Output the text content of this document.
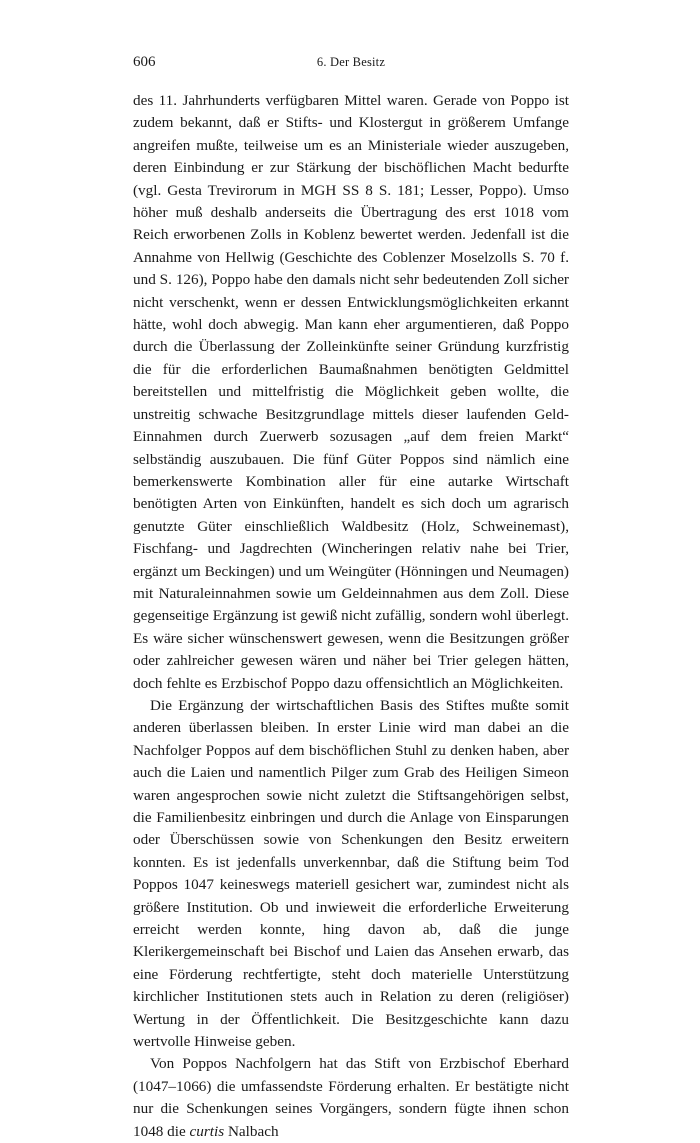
606	6. Der Besitz

des 11. Jahrhunderts verfügbaren Mittel waren. Gerade von Poppo ist zudem bekannt, daß er Stifts- und Klostergut in größerem Umfange angreifen mußte, teilweise um es an Ministeriale wieder auszugeben, deren Einbindung er zur Stärkung der bischöflichen Macht bedurfte (vgl. Gesta Trevirorum in MGH SS 8 S. 181; Lesser, Poppo). Umso höher muß deshalb anderseits die Übertragung des erst 1018 vom Reich erworbenen Zolls in Koblenz bewertet werden. Jedenfall ist die Annahme von Hellwig (Geschichte des Coblenzer Moselzolls S. 70 f. und S. 126), Poppo habe den damals nicht sehr bedeutenden Zoll sicher nicht verschenkt, wenn er dessen Entwicklungsmöglichkeiten erkannt hätte, wohl doch abwegig. Man kann eher argumentieren, daß Poppo durch die Überlassung der Zolleinkünfte seiner Gründung kurzfristig die für die erforderlichen Baumaßnahmen benötigten Geldmittel bereitstellen und mittelfristig die Möglichkeit geben wollte, die unstreitig schwache Besitzgrundlage mittels dieser laufenden Geld-Einnahmen durch Zuerwerb sozusagen „auf dem freien Markt“ selbständig auszubauen. Die fünf Güter Poppos sind nämlich eine bemerkenswerte Kombination aller für eine autarke Wirtschaft benötigten Arten von Einkünften, handelt es sich doch um agrarisch genutzte Güter einschließlich Waldbesitz (Holz, Schweinemast), Fischfang- und Jagdrechten (Wincheringen relativ nahe bei Trier, ergänzt um Beckingen) und um Weingüter (Hönningen und Neumagen) mit Naturaleinnahmen sowie um Geldeinnahmen aus dem Zoll. Diese gegenseitige Ergänzung ist gewiß nicht zufällig, sondern wohl überlegt. Es wäre sicher wünschenswert gewesen, wenn die Besitzungen größer oder zahlreicher gewesen wären und näher bei Trier gelegen hätten, doch fehlte es Erzbischof Poppo dazu offensichtlich an Möglichkeiten.

Die Ergänzung der wirtschaftlichen Basis des Stiftes mußte somit anderen überlassen bleiben. In erster Linie wird man dabei an die Nachfolger Poppos auf dem bischöflichen Stuhl zu denken haben, aber auch die Laien und namentlich Pilger zum Grab des Heiligen Simeon waren angesprochen sowie nicht zuletzt die Stiftsangehörigen selbst, die Familienbesitz einbringen und durch die Anlage von Einsparungen oder Überschüssen sowie von Schenkungen den Besitz erweitern konnten. Es ist jedenfalls unverkennbar, daß die Stiftung beim Tod Poppos 1047 keineswegs materiell gesichert war, zumindest nicht als größere Institution. Ob und inwieweit die erforderliche Erweiterung erreicht werden konnte, hing davon ab, daß die junge Klerikergemeinschaft bei Bischof und Laien das Ansehen erwarb, das eine Förderung rechtfertigte, steht doch materielle Unterstützung kirchlicher Institutionen stets auch in Relation zu deren (religiöser) Wertung in der Öffentlichkeit. Die Besitzgeschichte kann dazu wertvolle Hinweise geben.

Von Poppos Nachfolgern hat das Stift von Erzbischof Eberhard (1047–1066) die umfassendste Förderung erhalten. Er bestätigte nicht nur die Schenkungen seines Vorgängers, sondern fügte ihnen schon 1048 die curtis Nalbach
